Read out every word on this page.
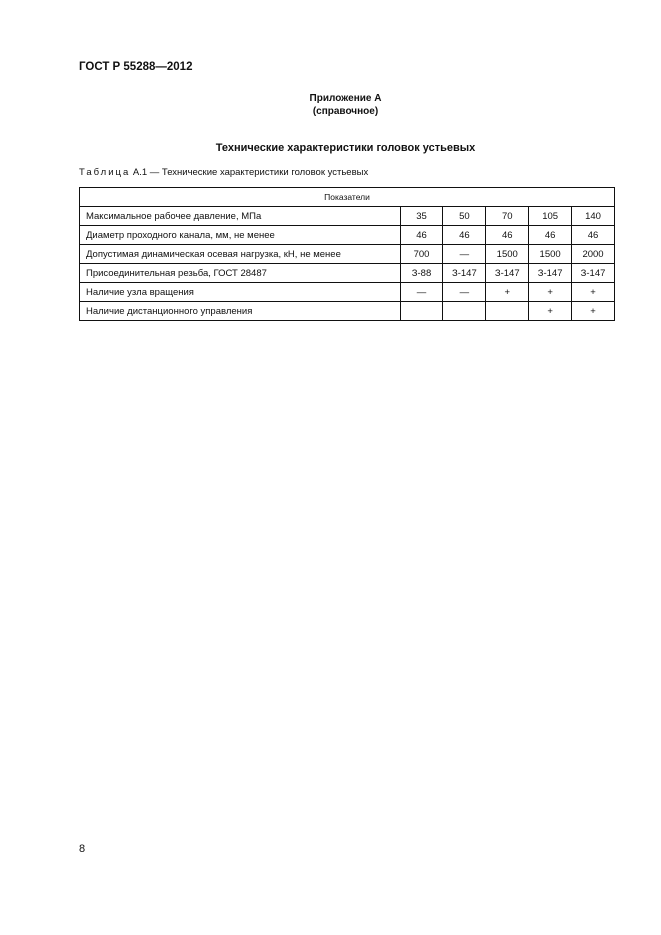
ГОСТ Р 55288—2012
Приложение А
(справочное)
Технические характеристики головок устьевых
Таблица А.1 — Технические характеристики головок устьевых
Показатели					
Максимальное рабочее давление, МПа	35	50	70	105	140
Диаметр проходного канала, мм, не менее	46	46	46	46	46
Допустимая динамическая осевая нагрузка, кН, не менее	700	—	1500	1500	2000
Присоединительная резьба, ГОСТ 28487	З-88	З-147	З-147	З-147	З-147
Наличие узла вращения	—	—	+	+	+
Наличие дистанционного управления				+	+
8
